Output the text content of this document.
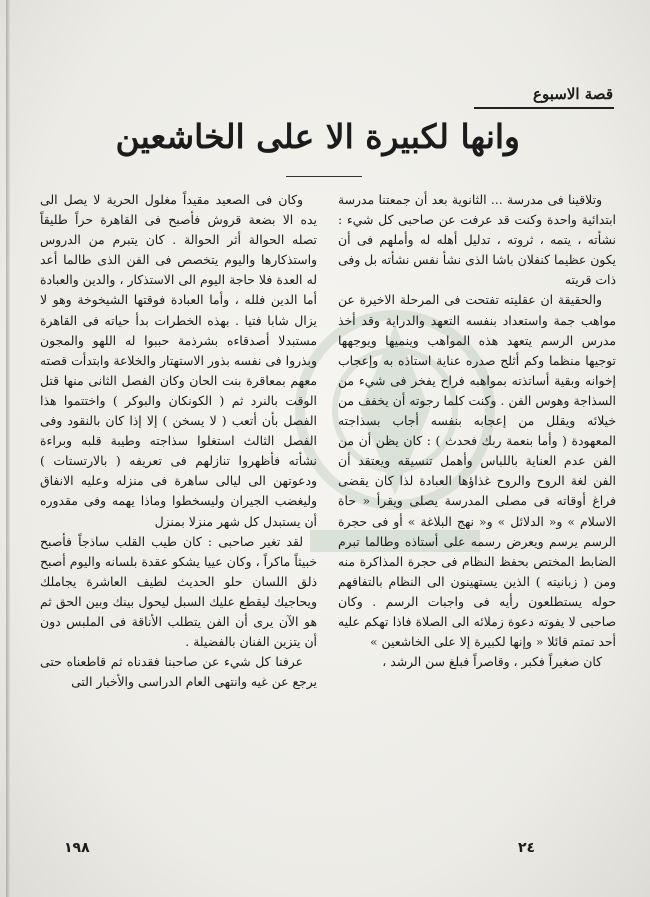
قصة الاسبوع
وانها لكبيرة الا على الخاشعين

وتلاقينا فى مدرسة ... الثانوية بعد أن جمعتنا مدرسة ابتدائية واحدة وكنت قد عرفت عن صاحبى كل شيء : نشأته ، يتمه ، ثروته ، تدليل أهله له وأملهم فى أن يكون عظيما كنفلان باشا الذى نشأ نفس نشأته بل وفى ذات قريته

والحقيقة ان عقليته تفتحت فى المرحلة الاخيرة عن مواهب جمة واستعداد بنفسه التعهد والدراية وقد أخذ مدرس الرسم يتعهد هذه المواهب وينميها ويوجهها توجيها منظما وكم أثلج صدره عناية استاذه به وإعجاب إخوانه وبقية أساتذته بمواهبه فراح يفخر فى شيء من السذاجة وهوس الفن . وكنت كلما رجوته أن يخفف من خيلائه ويقلل من إعجابه بنفسه أجاب بسذاجته المعهودة ( وأما بنعمة ربك فحدث ) : كان يظن أن من الفن عدم العناية باللباس وأهمل تنسيقه ويعتقد أن الفن لغة الروح والروح غذاؤها العبادة لذا كان يقضى فراغ أوقاته فى مصلى المدرسة يصلى ويقرأ « حاة الاسلام » و« الدلائل » و« نهج البلاغة » أو فى حجرة الرسم يرسم ويعرض رسمه على أستاذه وطالما تبرم الضابط المختص بحفظ النظام فى حجرة المذاكرة منه ومن ( زبانيته ) الذين يستهينون الى النظام بالتفافهم حوله يستطلعون رأيه فى واجبات الرسم . وكان صاحبى لا يفوته دعوة زملائه الى الصلاة فاذا تهكم عليه أحد تمتم قائلا « وإنها لكبيرة إلا على الخاشعين »

كان صغيراً فكبر ، وقاصراً فبلغ سن الرشد ،

وكان فى الصعيد مقيداً مغلول الحرية لا يصل الى يده الا بضعة قروش فأصبح فى القاهرة حراً طليقاً تصله الحوالة أثر الحوالة . كان يتبرم من الدروس واستذكارها واليوم يتخصص فى الفن الذى طالما أعد له العدة فلا حاجة اليوم الى الاستذكار ، والدين والعبادة أما الدين فلله ، وأما العبادة فوقتها الشيخوخة وهو لا يزال شابا فتيا . بهذه الخطرات بدأ حياته فى القاهرة مستبدلا أصدقاءه بشرذمة حببوا له اللهو والمجون وبذروا فى نفسه بذور الاستهتار والخلاعة وابتدأت قصته معهم بمعاقرة بنت الحان وكان الفصل الثانى منها قتل الوقت بالنرد ثم ( الكونكان والبوكر ) واختتموا هذا الفصل بأن أتعب ( لا يسخن ) إلا إذا كان بالنقود وفى الفصل الثالث استغلوا سذاجته وطيبة قلبه وبراءة نشأته فأظهروا تنازلهم فى تعريفه ( بالارتستات ) ودعوتهن الى ليالى ساهرة فى منزله وعليه الانفاق وليغضب الجيران وليسخطوا وماذا يهمه وفى مقدوره أن يستبدل كل شهر منزلا بمنزل

لقد تغير صاحبى : كان طيب القلب ساذجاً فأصبح خبيثاً ماكراً ، وكان عييا يشكو عقدة بلسانه واليوم أصبح ذلق اللسان حلو الحديث لطيف العاشرة يجاملك ويحاجيك ليقطع عليك السبل ليحول بينك وبين الحق ثم هو الآن يرى أن الفن يتطلب الأناقة فى الملبس دون أن يتزين الفنان بالفضيلة .

عرفنا كل شيء عن صاحبنا فقدناه ثم قاطعناه حتى يرجع عن غيه وانتهى العام الدراسى والأخبار التى

٢٤
١٩٨
